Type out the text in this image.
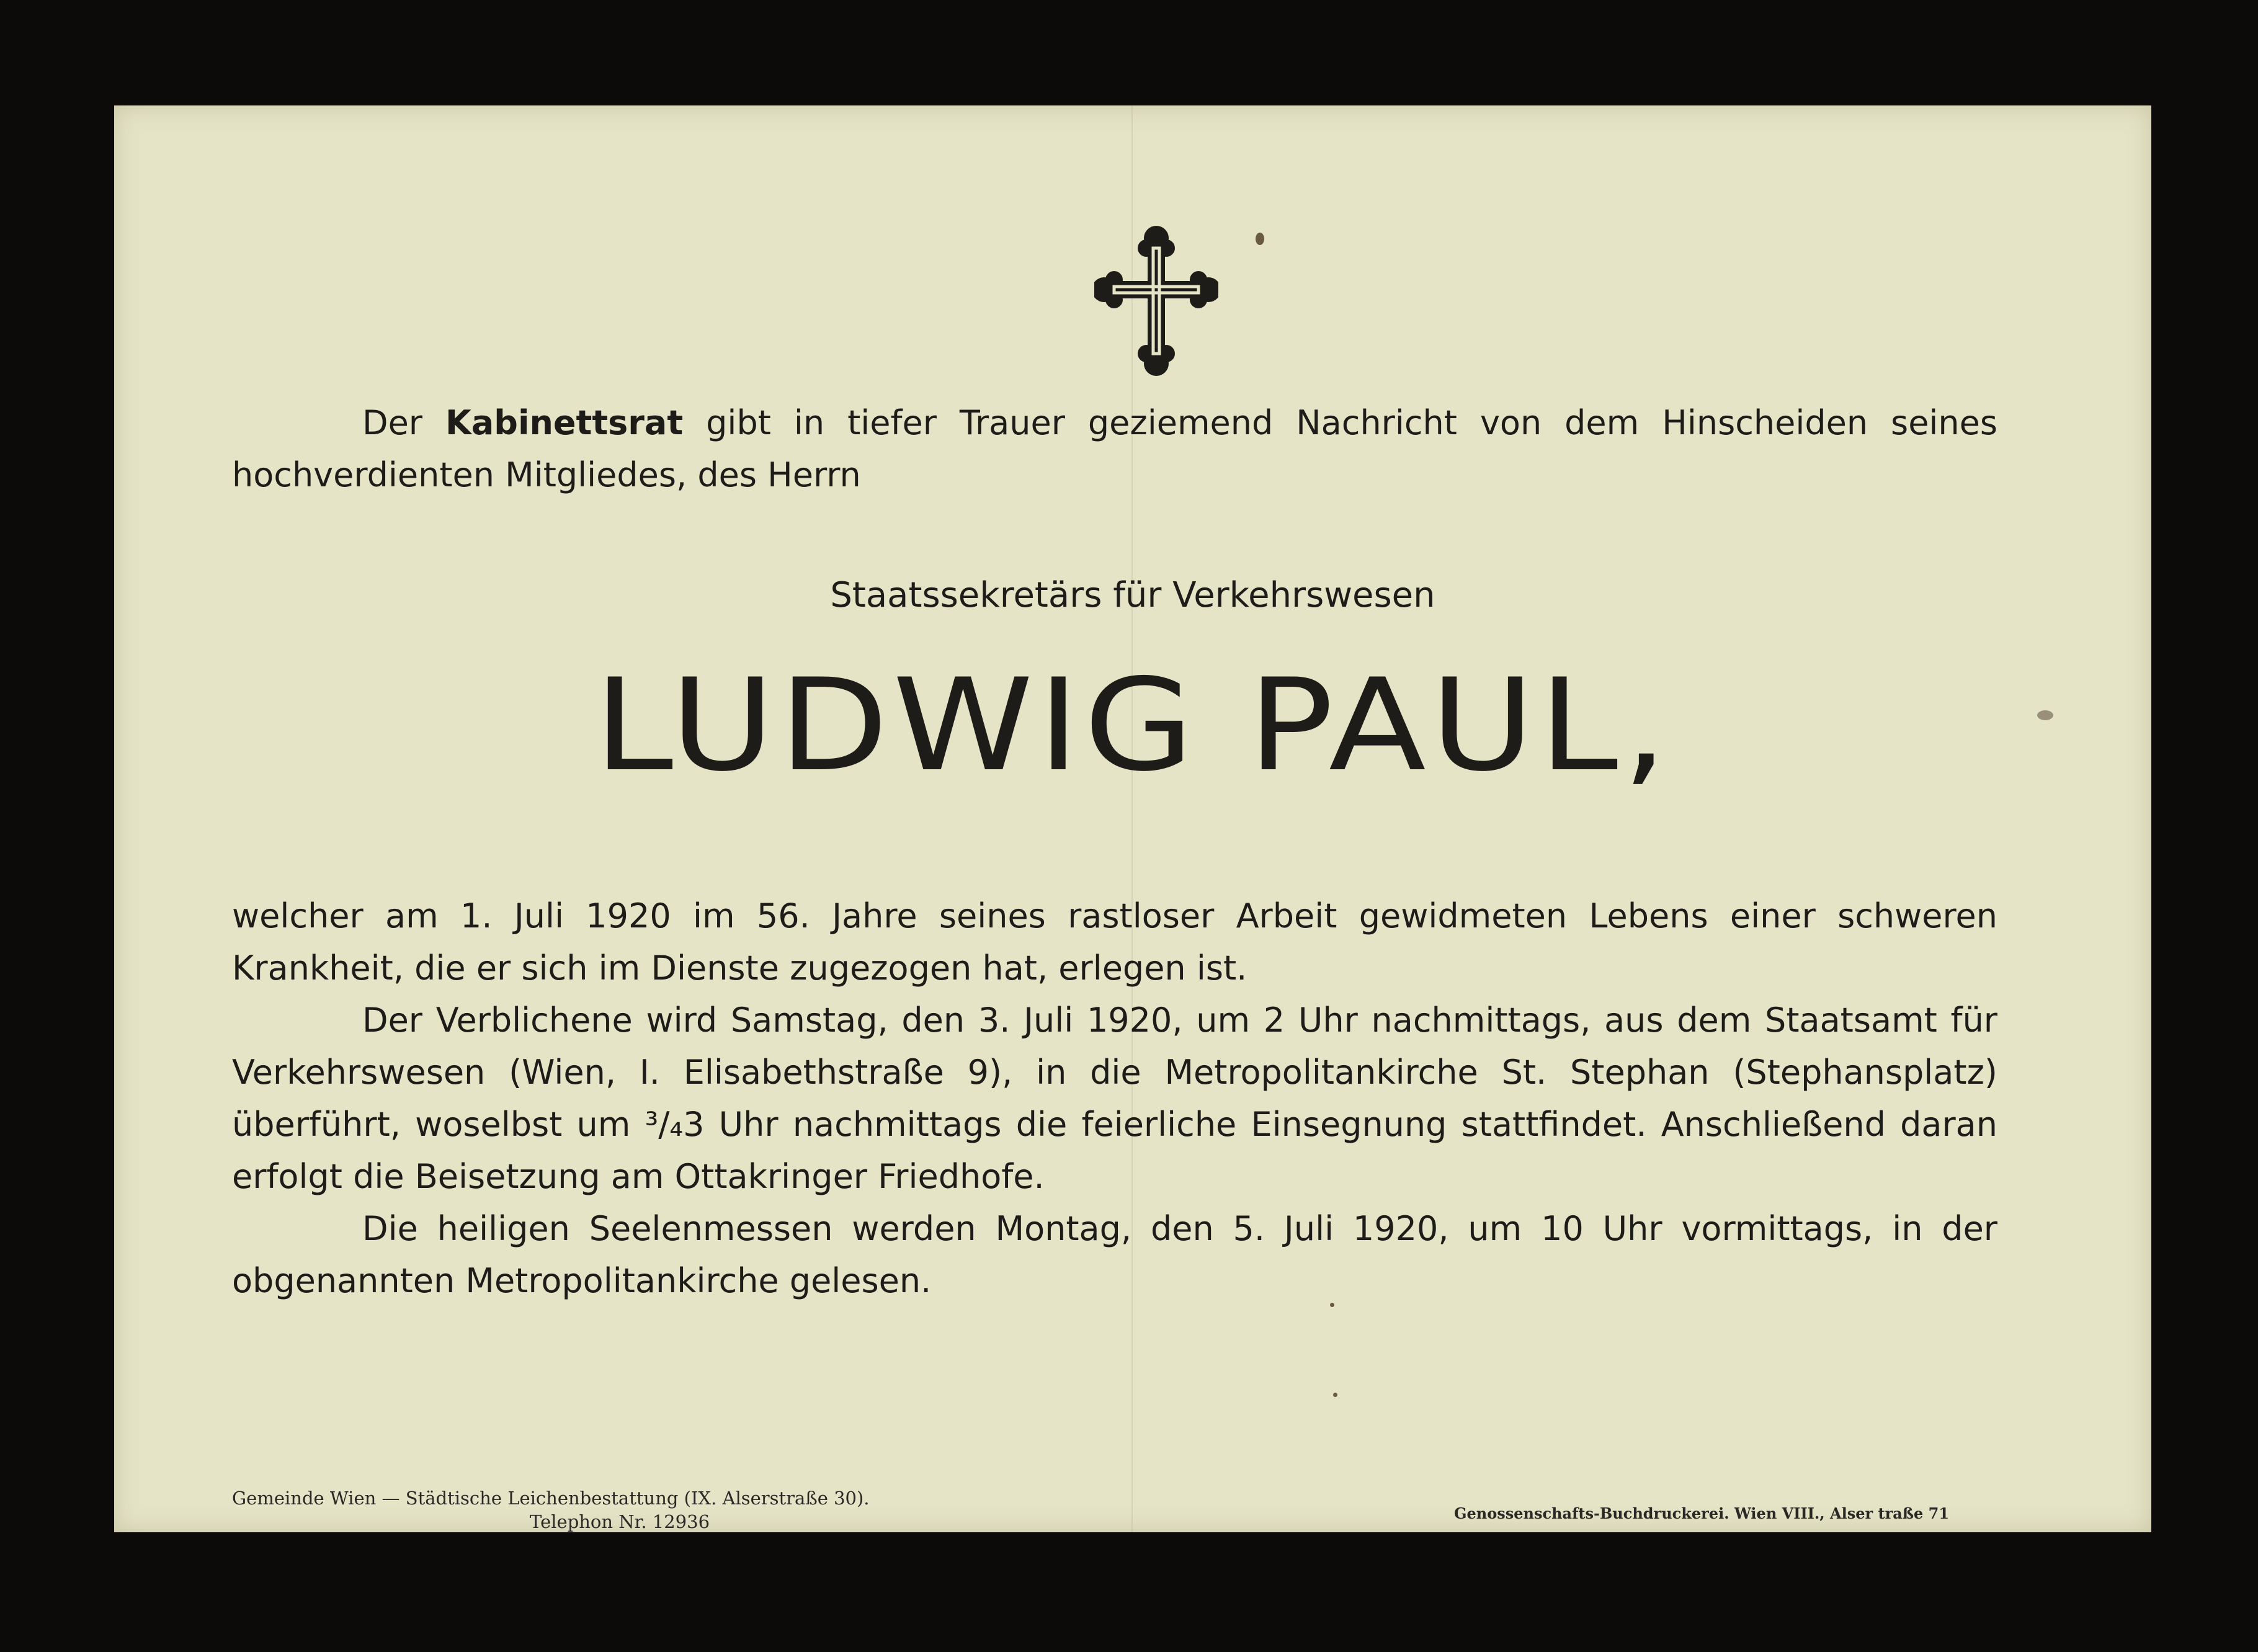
Der Kabinettsrat gibt in tiefer Trauer geziemend Nachricht von dem Hinscheiden seines hochverdienten Mitgliedes, des Herrn

Staatssekretärs für Verkehrswesen

LUDWIG PAUL,

welcher am 1. Juli 1920 im 56. Jahre seines rastloser Arbeit gewidmeten Lebens einer schweren Krankheit, die er sich im Dienste zugezogen hat, erlegen ist.

Der Verblichene wird Samstag, den 3. Juli 1920, um 2 Uhr nachmittags, aus dem Staatsamt für Verkehrswesen (Wien, I. Elisabethstraße 9), in die Metropolitankirche St. Stephan (Stephansplatz) überführt, woselbst um ³/₄3 Uhr nachmittags die feierliche Einsegnung stattfindet. Anschließend daran erfolgt die Beisetzung am Ottakringer Friedhofe.

Die heiligen Seelenmessen werden Montag, den 5. Juli 1920, um 10 Uhr vormittags, in der obgenannten Metropolitankirche gelesen.

Gemeinde Wien — Städtische Leichenbestattung (IX. Alserstraße 30).

Telephon Nr. 12936	Genossenschafts-Buchdruckerei. Wien VIII., Alser traße 71
